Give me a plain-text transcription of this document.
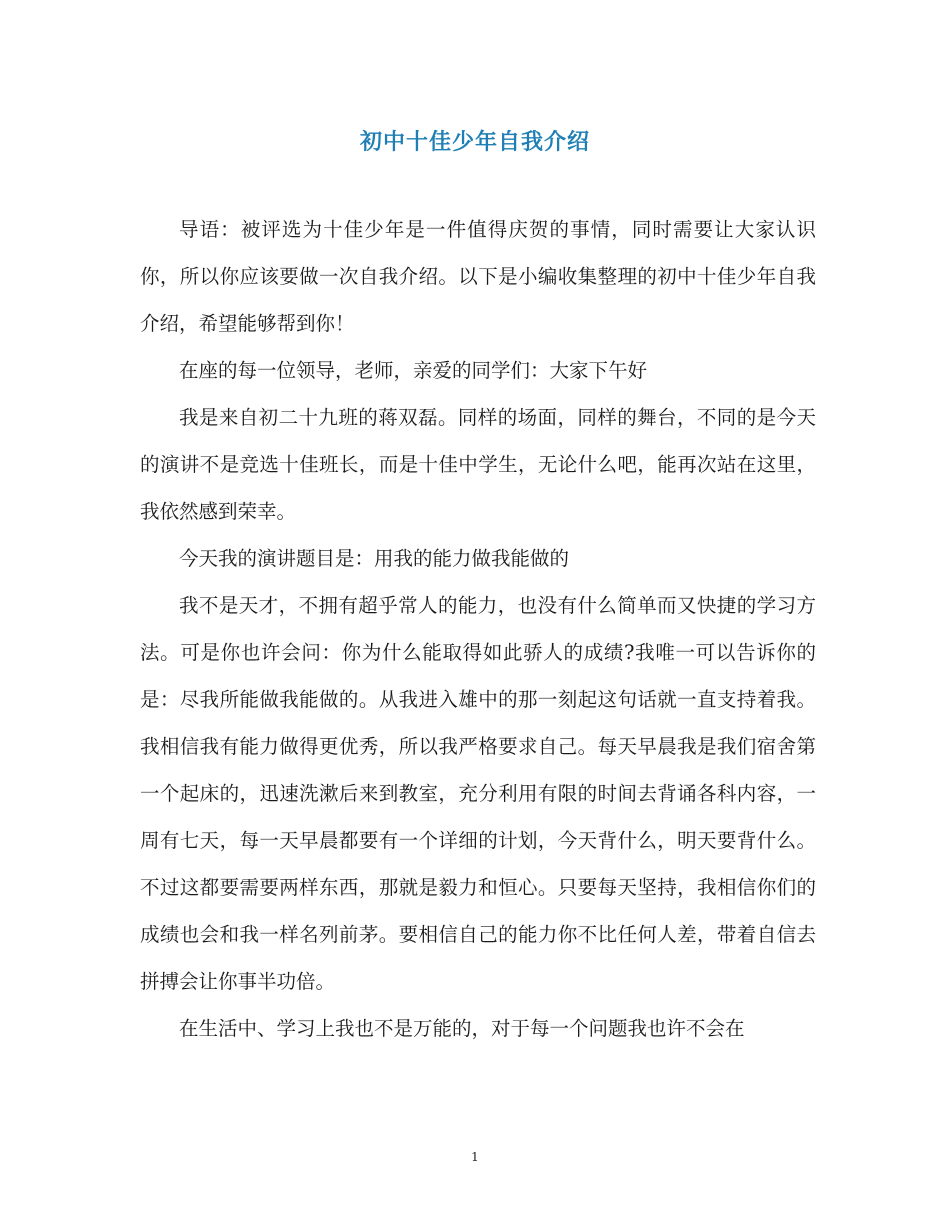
初中十佳少年自我介绍

导语：被评选为十佳少年是一件值得庆贺的事情，同时需要让大家认识你，所以你应该要做一次自我介绍。以下是小编收集整理的初中十佳少年自我介绍，希望能够帮到你！

在座的每一位领导，老师，亲爱的同学们：大家下午好

我是来自初二十九班的蒋双磊。同样的场面，同样的舞台，不同的是今天的演讲不是竞选十佳班长，而是十佳中学生，无论什么吧，能再次站在这里，我依然感到荣幸。

今天我的演讲题目是：用我的能力做我能做的

我不是天才，不拥有超乎常人的能力，也没有什么简单而又快捷的学习方法。可是你也许会问：你为什么能取得如此骄人的成绩?我唯一可以告诉你的是：尽我所能做我能做的。从我进入雄中的那一刻起这句话就一直支持着我。我相信我有能力做得更优秀，所以我严格要求自己。每天早晨我是我们宿舍第一个起床的，迅速洗漱后来到教室，充分利用有限的时间去背诵各科内容，一周有七天，每一天早晨都要有一个详细的计划，今天背什么，明天要背什么。不过这都要需要两样东西，那就是毅力和恒心。只要每天坚持，我相信你们的成绩也会和我一样名列前茅。要相信自己的能力你不比任何人差，带着自信去拼搏会让你事半功倍。

在生活中、学习上我也不是万能的，对于每一个问题我也许不会在

1
